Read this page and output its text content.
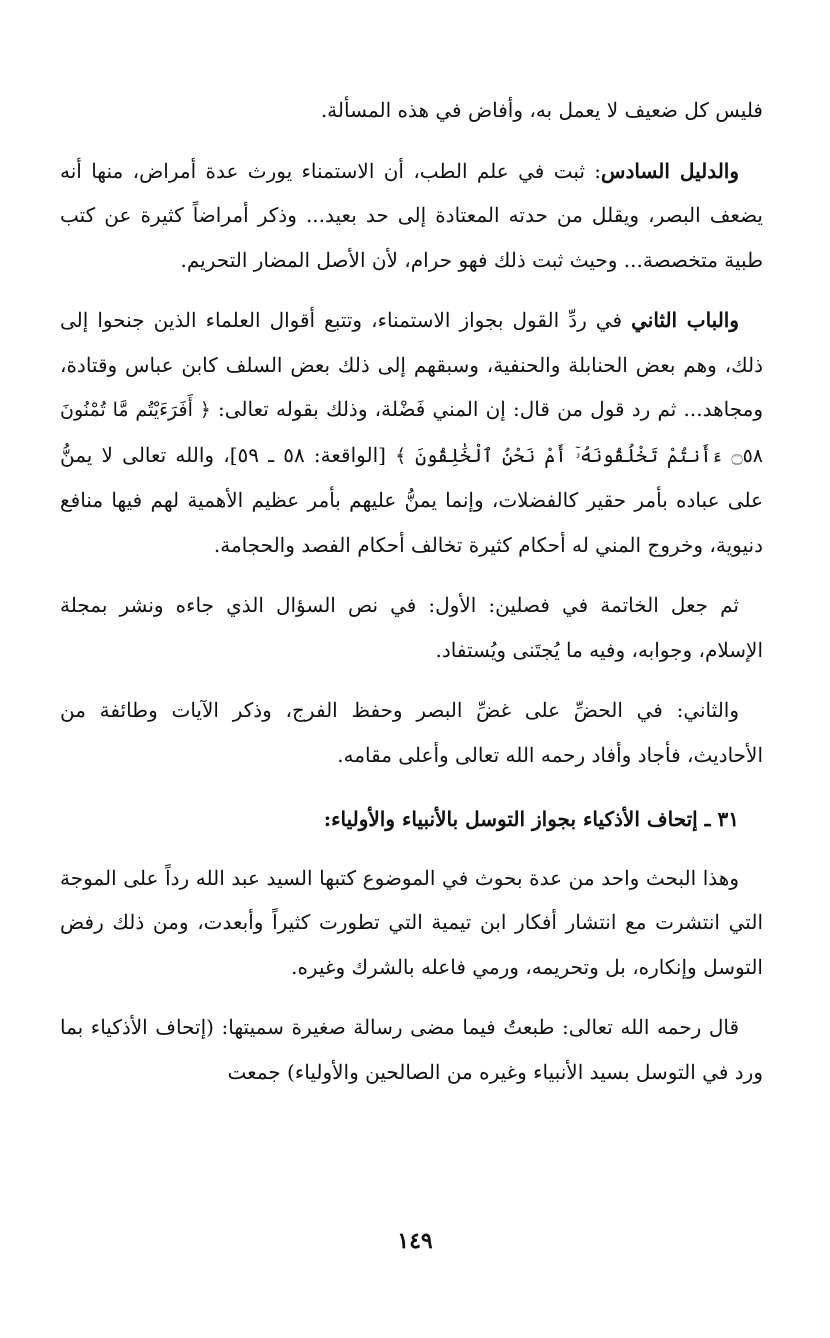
فليس كل ضعيف لا يعمل به، وأفاض في هذه المسألة.

والدليل السادس: ثبت في علم الطب، أن الاستمناء يورث عدة أمراض، منها أنه يضعف البصر، ويقلل من حدته المعتادة إلى حد بعيد... وذكر أمراضاً كثيرة عن كتب طبية متخصصة... وحيث ثبت ذلك فهو حرام، لأن الأصل المضار التحريم.

والباب الثاني في ردِّ القول بجواز الاستمناء، وتتبع أقوال العلماء الذين جنحوا إلى ذلك، وهم بعض الحنابلة والحنفية، وسبقهم إلى ذلك بعض السلف كابن عباس وقتادة، ومجاهد... ثم رد قول من قال: إن المني فَضْلة، وذلك بقوله تعالى: ﴿ أَفَرَءَيْتُم مَّا تُمْنُونَ ۝٥٨ ءَأَنتُمْ تَخْلُقُونَهُۥٓ أَمْ نَحْنُ ٱلْخَٰلِقُونَ ﴾ [الواقعة: ٥٨ ـ ٥٩]، والله تعالى لا يمنُّ على عباده بأمر حقير كالفضلات، وإنما يمنُّ عليهم بأمر عظيم الأهمية لهم فيها منافع دنيوية، وخروج المني له أحكام كثيرة تخالف أحكام الفصد والحجامة.

ثم جعل الخاتمة في فصلين: الأول: في نص السؤال الذي جاءه ونشر بمجلة الإسلام، وجوابه، وفيه ما يُجتَنى ويُستفاد.

والثاني: في الحضِّ على غضِّ البصر وحفظ الفرج، وذكر الآيات وطائفة من الأحاديث، فأجاد وأفاد رحمه الله تعالى وأعلى مقامه.

٣١ ـ إتحاف الأذكياء بجواز التوسل بالأنبياء والأولياء:

وهذا البحث واحد من عدة بحوث في الموضوع كتبها السيد عبد الله رداً على الموجة التي انتشرت مع انتشار أفكار ابن تيمية التي تطورت كثيراً وأبعدت، ومن ذلك رفض التوسل وإنكاره، بل وتحريمه، ورمي فاعله بالشرك وغيره.

قال رحمه الله تعالى: طبعتُ فيما مضى رسالة صغيرة سميتها: (إتحاف الأذكياء بما ورد في التوسل بسيد الأنبياء وغيره من الصالحين والأولياء) جمعت

١٤٩
